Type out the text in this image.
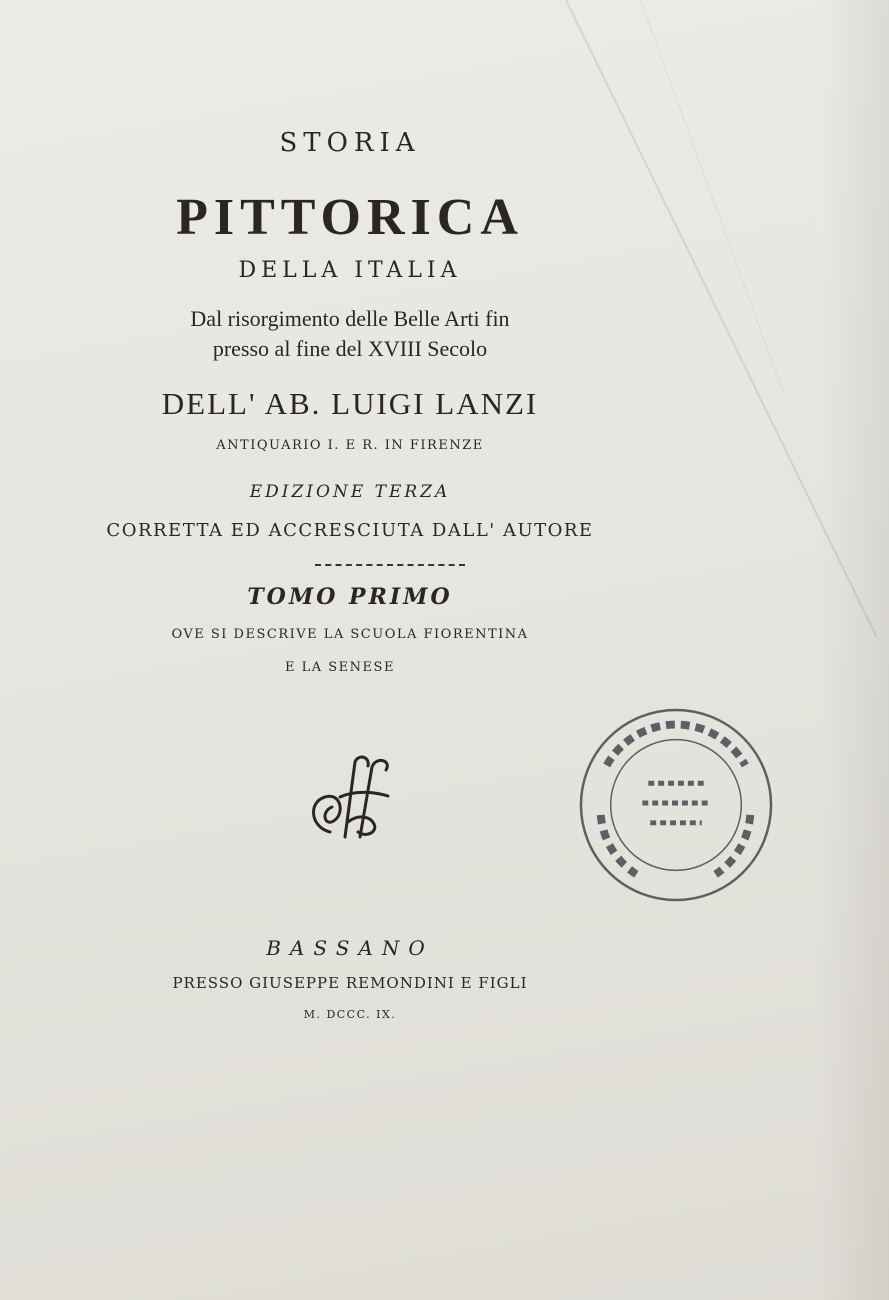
STORIA
PITTORICA
DELLA ITALIA
Dal risorgimento delle Belle Arti fin
presso al fine del XVIII Secolo
DELL' AB. LUIGI LANZI
ANTIQUARIO I. E R. IN FIRENZE
EDIZIONE TERZA
CORRETTA ED ACCRESCIUTA DALL' AUTORE
TOMO PRIMO
OVE SI DESCRIVE LA SCUOLA FIORENTINA
E LA SENESE
BASSANO
PRESSO GIUSEPPE REMONDINI E FIGLI
M. DCCC. IX.
